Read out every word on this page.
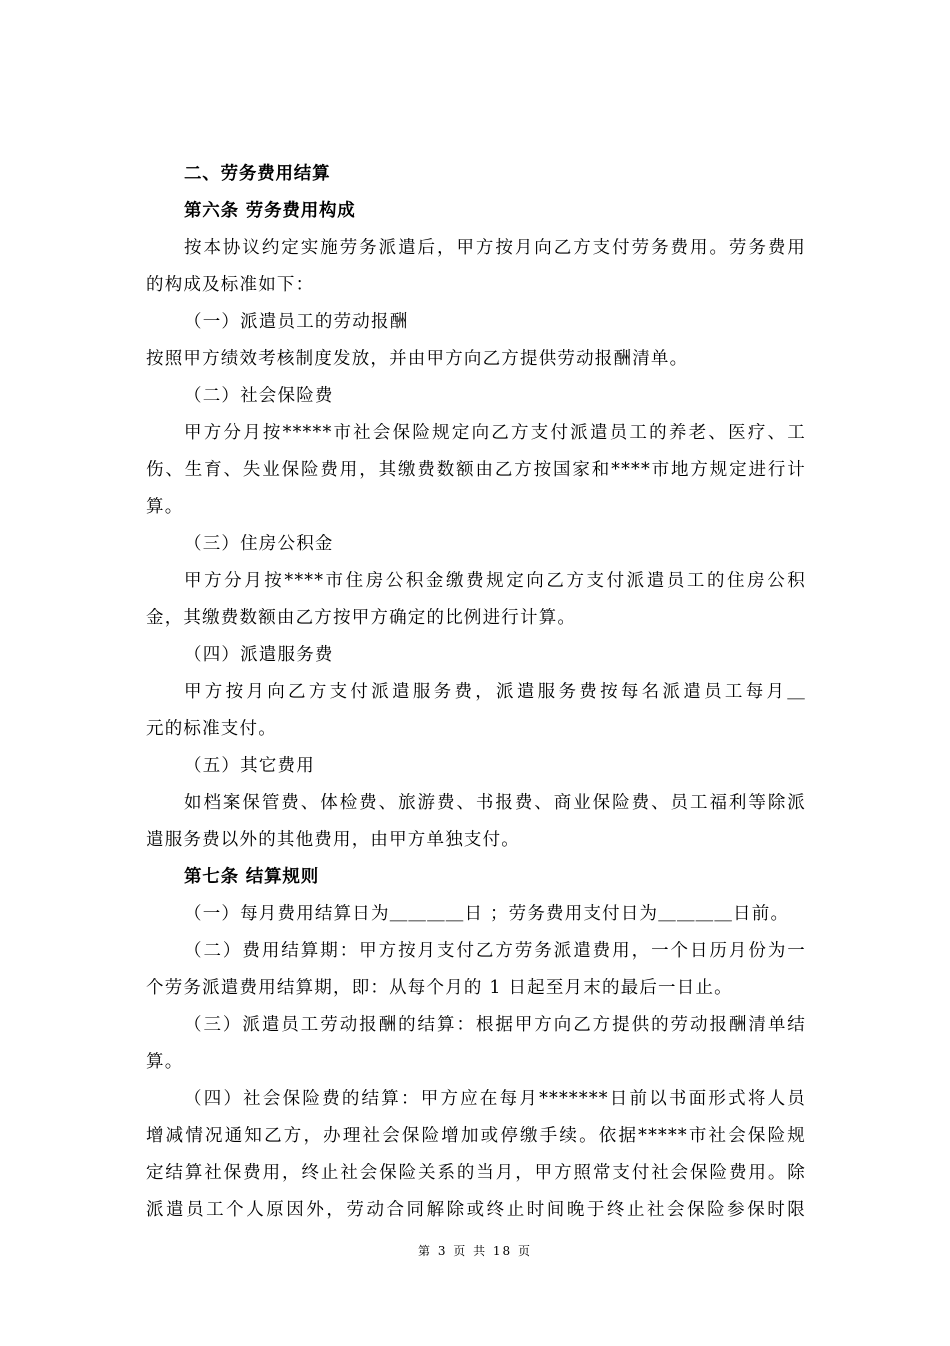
二、劳务费用结算
第六条 劳务费用构成
按本协议约定实施劳务派遣后，甲方按月向乙方支付劳务费用。劳务费用
的构成及标准如下：
（一）派遣员工的劳动报酬
按照甲方绩效考核制度发放，并由甲方向乙方提供劳动报酬清单。
（二）社会保险费
甲方分月按*****市社会保险规定向乙方支付派遣员工的养老、医疗、工
伤、生育、失业保险费用，其缴费数额由乙方按国家和****市地方规定进行计
算。
（三）住房公积金
甲方分月按****市住房公积金缴费规定向乙方支付派遣员工的住房公积
金，其缴费数额由乙方按甲方确定的比例进行计算。
（四）派遣服务费
甲方按月向乙方支付派遣服务费，派遣服务费按每名派遣员工每月＿
元的标准支付。
（五）其它费用
如档案保管费、体检费、旅游费、书报费、商业保险费、员工福利等除派
遣服务费以外的其他费用，由甲方单独支付。
第七条 结算规则
（一）每月费用结算日为＿＿＿＿日 ；劳务费用支付日为＿＿＿＿日前。
（二）费用结算期：甲方按月支付乙方劳务派遣费用，一个日历月份为一
个劳务派遣费用结算期，即：从每个月的 1 日起至月末的最后一日止。
（三）派遣员工劳动报酬的结算：根据甲方向乙方提供的劳动报酬清单结
算。
（四）社会保险费的结算：甲方应在每月*******日前以书面形式将人员
增减情况通知乙方，办理社会保险增加或停缴手续。依据*****市社会保险规
定结算社保费用，终止社会保险关系的当月，甲方照常支付社会保险费用。除
派遣员工个人原因外，劳动合同解除或终止时间晚于终止社会保险参保时限
第 3 页 共 18 页
